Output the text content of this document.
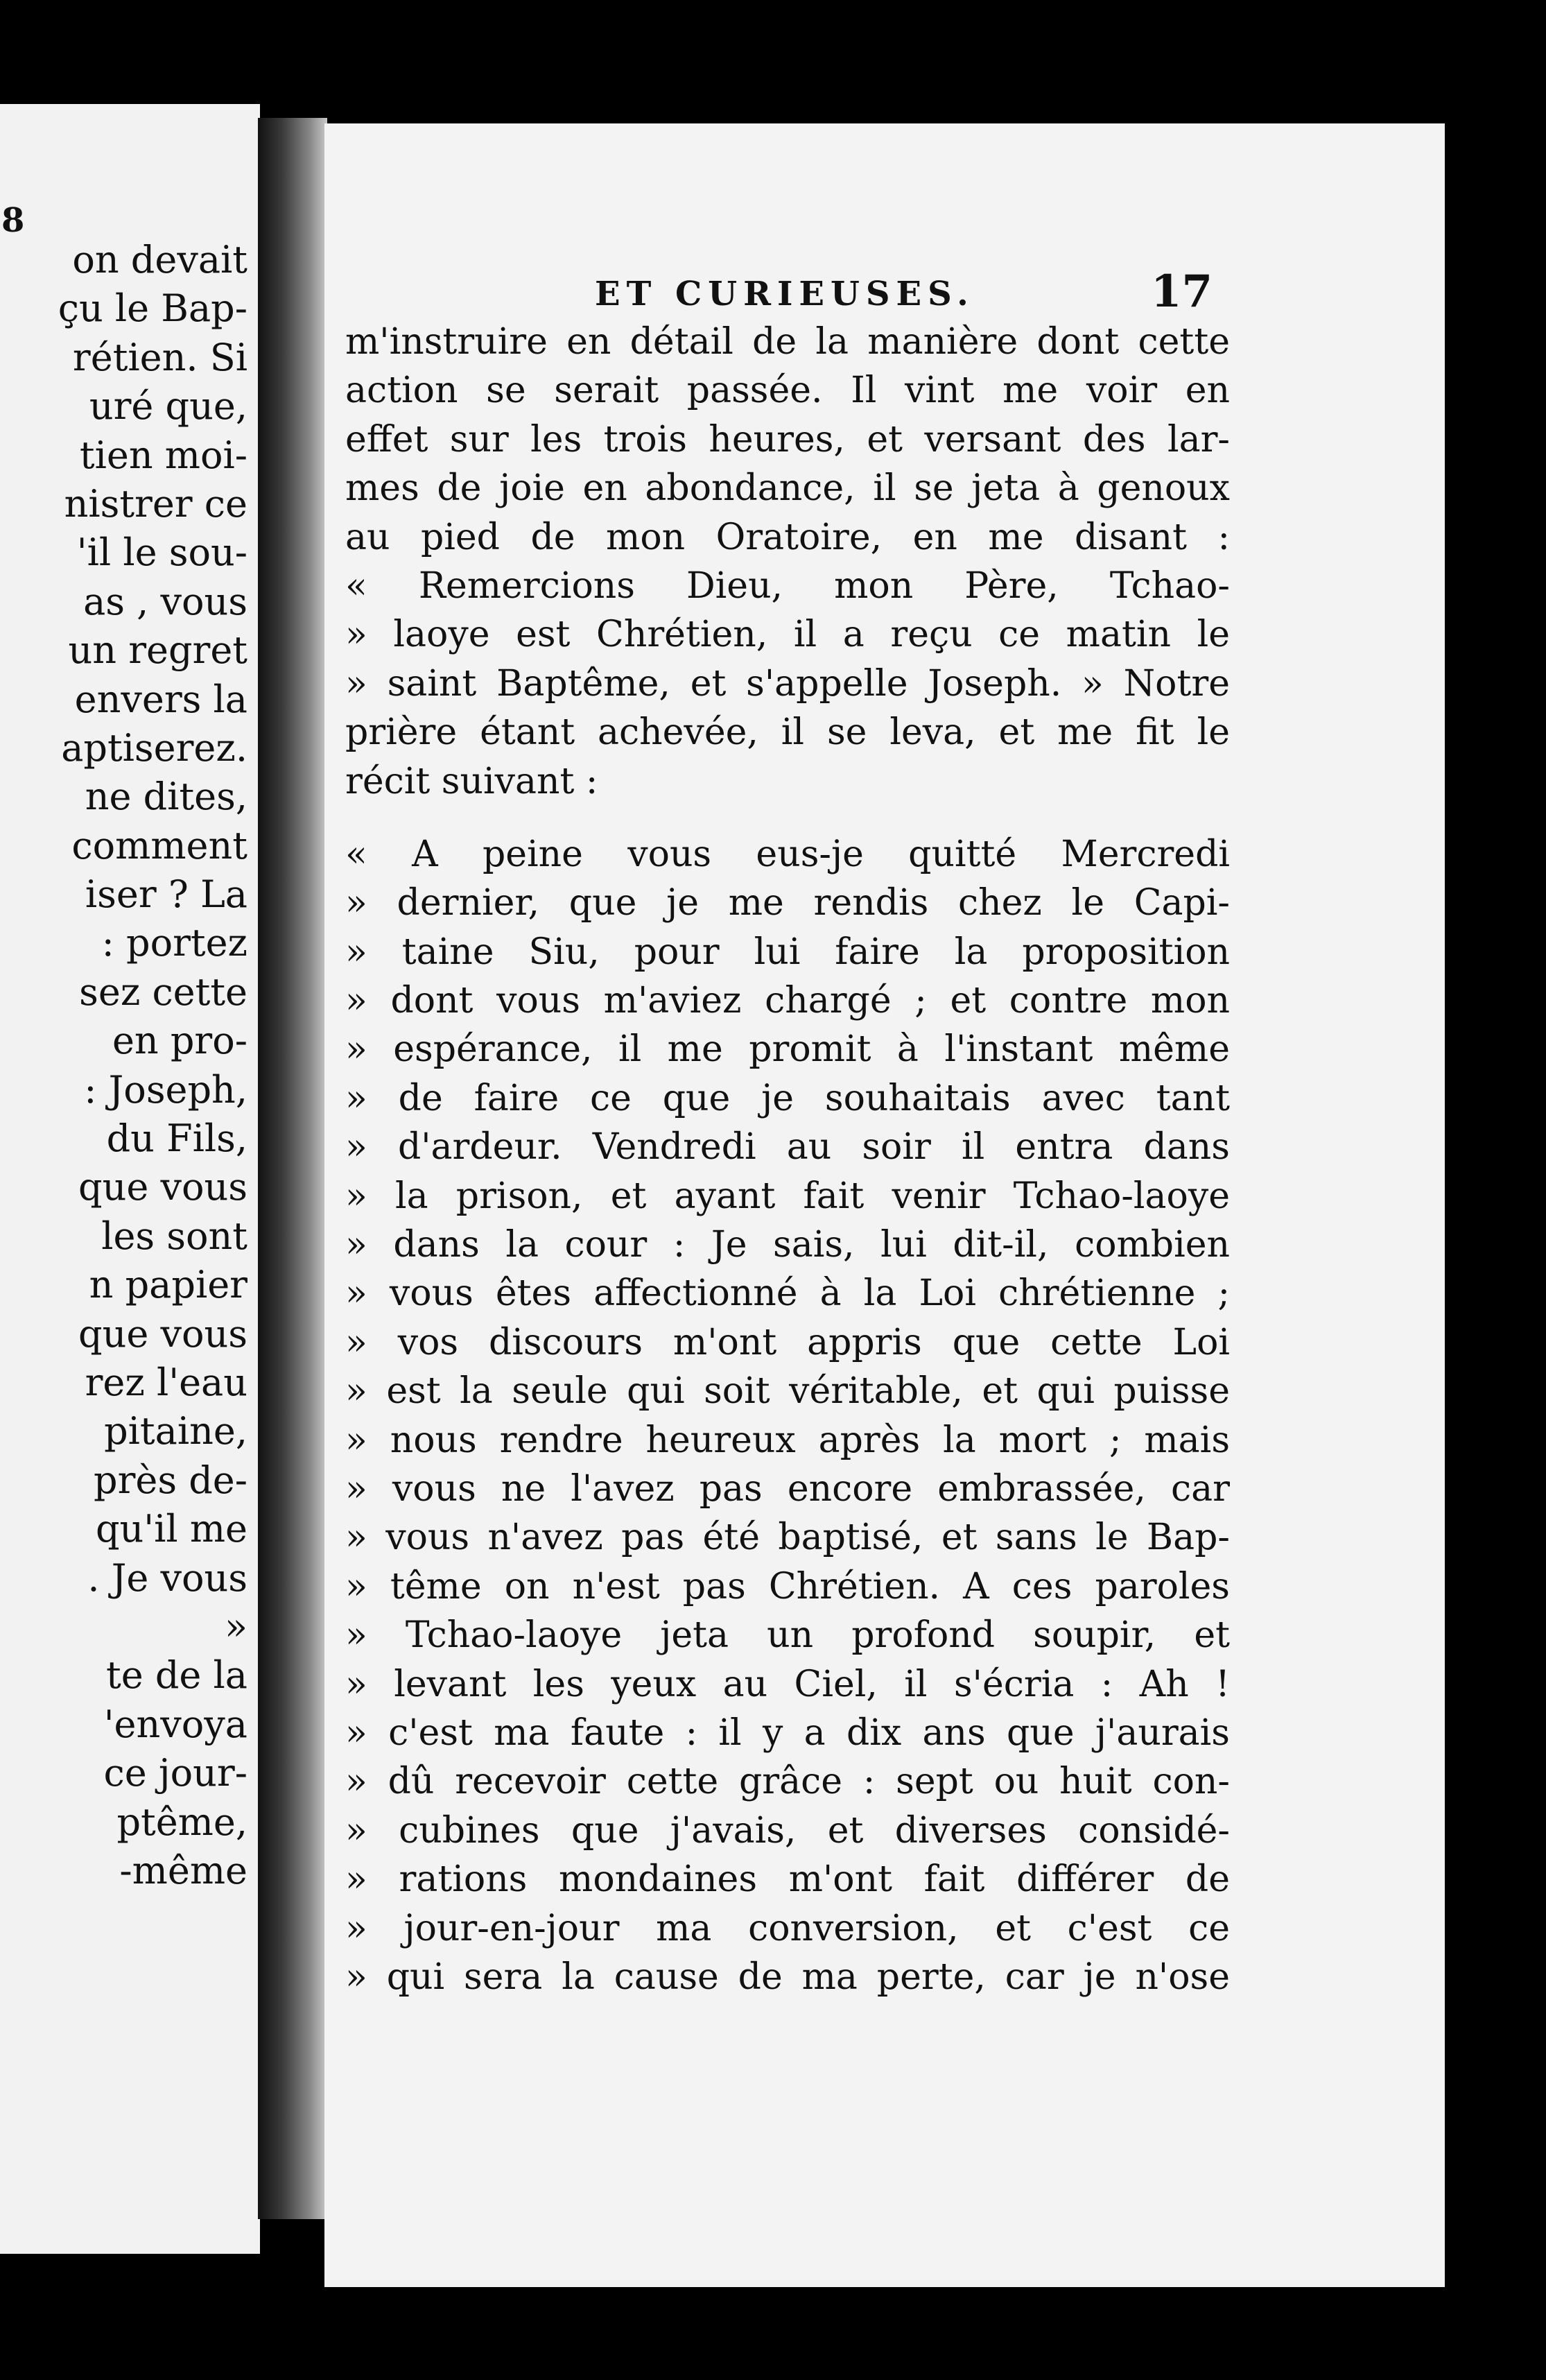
8
on devait
çu le Bap-
rétien. Si
uré que,
tien moi-
nistrer ce
'il le sou-
as , vous
un regret
envers la
aptiserez.
ne dites,
comment
iser ? La
: portez
sez cette
en pro-
: Joseph,
du Fils,
que vous
les sont
n papier
que vous
rez l'eau
pitaine,
près de-
qu'il me
. Je vous
»
te de la
'envoya
ce jour-
ptême,
-même
ET CURIEUSES.	17
m'instruire en détail de la manière dont cette
action se serait passée. Il vint me voir en
effet sur les trois heures, et versant des lar-
mes de joie en abondance, il se jeta à genoux
au pied de mon Oratoire, en me disant :
« Remercions Dieu, mon Père, Tchao-
» laoye est Chrétien, il a reçu ce matin le
» saint Baptême, et s'appelle Joseph. » Notre
prière étant achevée, il se leva, et me fit le
récit suivant :
« A peine vous eus-je quitté Mercredi
» dernier, que je me rendis chez le Capi-
» taine Siu, pour lui faire la proposition
» dont vous m'aviez chargé ; et contre mon
» espérance, il me promit à l'instant même
» de faire ce que je souhaitais avec tant
» d'ardeur. Vendredi au soir il entra dans
» la prison, et ayant fait venir Tchao-laoye
» dans la cour : Je sais, lui dit-il, combien
» vous êtes affectionné à la Loi chrétienne ;
» vos discours m'ont appris que cette Loi
» est la seule qui soit véritable, et qui puisse
» nous rendre heureux après la mort ; mais
» vous ne l'avez pas encore embrassée, car
» vous n'avez pas été baptisé, et sans le Bap-
» tême on n'est pas Chrétien. A ces paroles
» Tchao-laoye jeta un profond soupir, et
» levant les yeux au Ciel, il s'écria : Ah !
» c'est ma faute : il y a dix ans que j'aurais
» dû recevoir cette grâce : sept ou huit con-
» cubines que j'avais, et diverses considé-
» rations mondaines m'ont fait différer de
» jour-en-jour ma conversion, et c'est ce
» qui sera la cause de ma perte, car je n'ose
